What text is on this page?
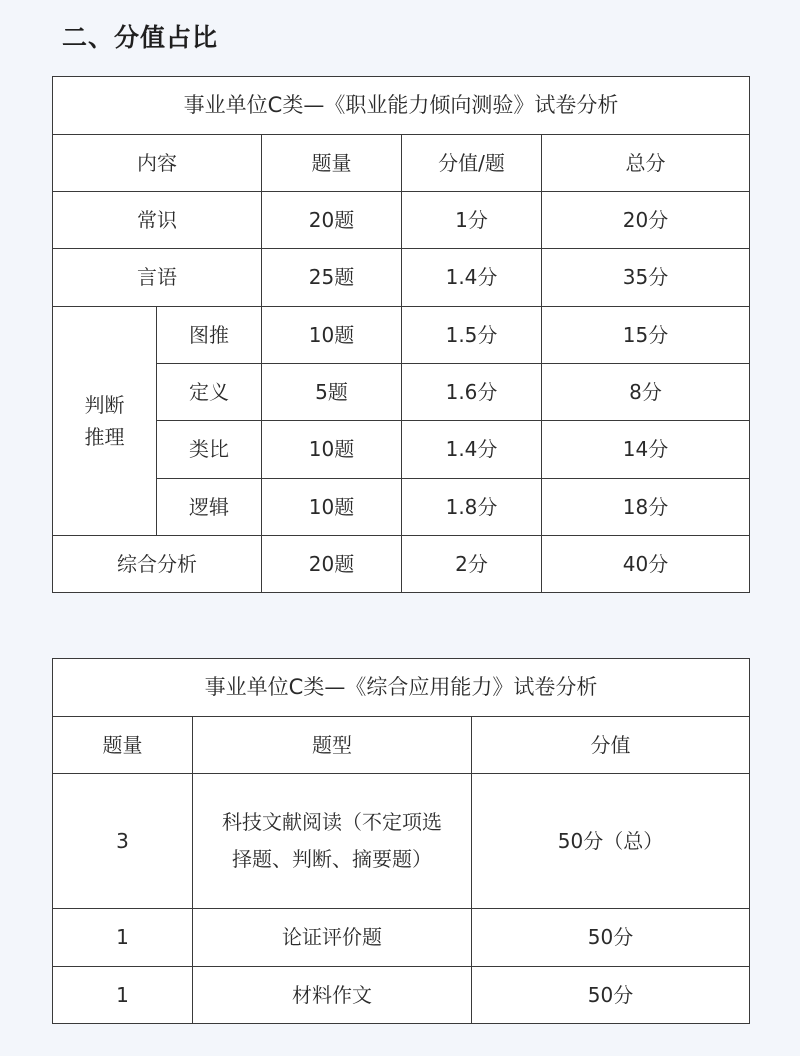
二、分值占比
事业单位C类—《职业能力倾向测验》试卷分析				
内容		题量	分值/题	总分
常识		20题	1分	20分
言语		25题	1.4分	35分
判断推理	图推	10题	1.5分	15分
	定义	5题	1.6分	8分
	类比	10题	1.4分	14分
	逻辑	10题	1.8分	18分
综合分析		20题	2分	40分
事业单位C类—《综合应用能力》试卷分析		
题量	题型	分值
3	科技文献阅读（不定项选择题、判断、摘要题）	50分（总）
1	论证评价题	50分
1	材料作文	50分
